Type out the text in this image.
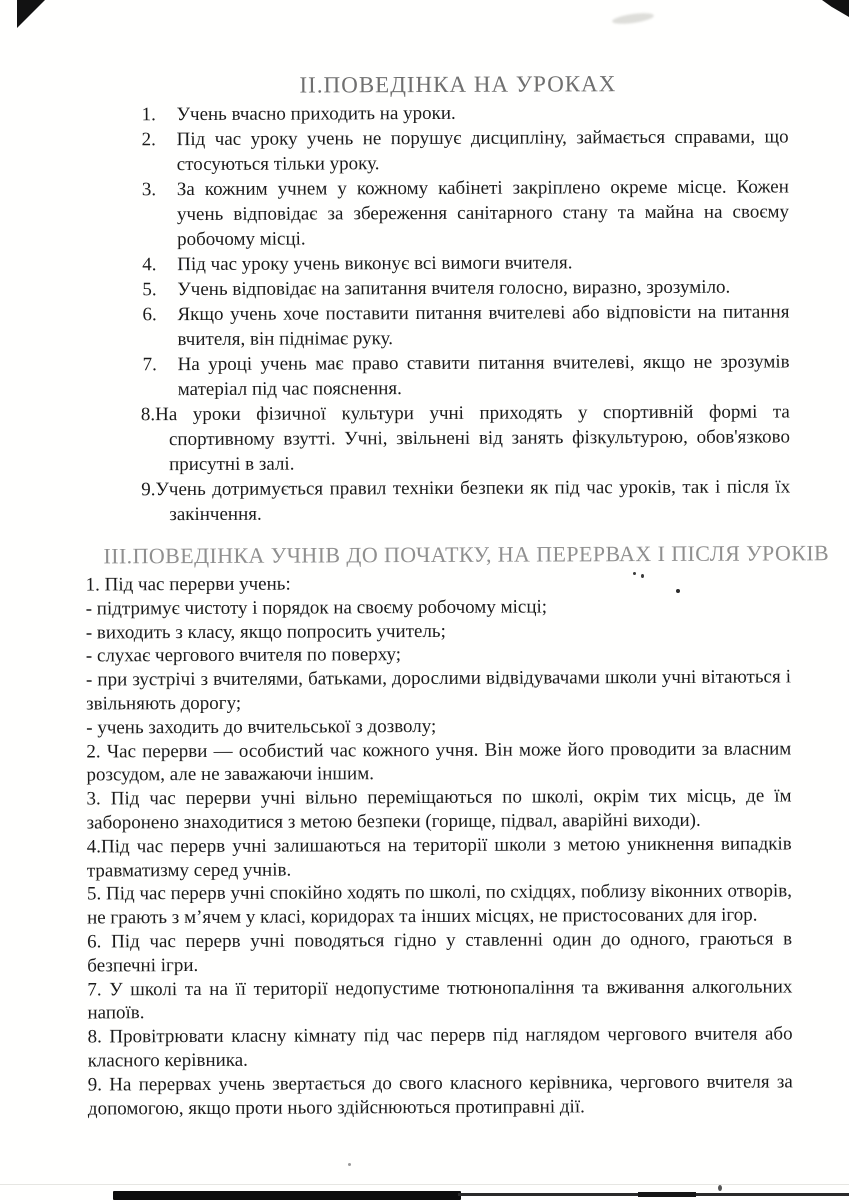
ІІ.ПОВЕДІНКА НА УРОКАХ
1.	Учень вчасно приходить на уроки.
2.	Під час уроку учень не порушує дисципліну, займається справами, що стосуються тільки уроку.
3.	За кожним учнем у кожному кабінеті закріплено окреме місце. Кожен учень відповідає за збереження санітарного стану та майна на своєму робочому місці.
4.	Під час уроку учень виконує всі вимоги вчителя.
5.	Учень відповідає на запитання вчителя голосно, виразно, зрозуміло.
6.	Якщо учень хоче поставити питання вчителеві або відповісти на питання вчителя, він піднімає руку.
7.	На уроці учень має право ставити питання вчителеві, якщо не зрозумів матеріал під час пояснення.
8.На уроки фізичної культури учні приходять у спортивній формі та спортивному взутті. Учні, звільнені від занять фізкультурою, обов'язково присутні в залі.
9.Учень дотримується правил техніки безпеки як під час уроків, так і після їх закінчення.
ІІІ.ПОВЕДІНКА УЧНІВ ДО ПОЧАТКУ, НА ПЕРЕРВАХ І ПІСЛЯ УРОКІВ

1. Під час перерви учень:

- підтримує чистоту і порядок на своєму робочому місці;

- виходить з класу, якщо попросить учитель;

- слухає чергового вчителя по поверху;

- при зустрічі з вчителями, батьками, дорослими відвідувачами школи учні вітаються і звільняють дорогу;

- учень заходить до вчительської з дозволу;

2. Час перерви — особистий час кожного учня. Він може його проводити за власним розсудом, але не заважаючи іншим.

3. Під час перерви учні вільно переміщаються по школі, окрім тих місць, де їм заборонено знаходитися з метою безпеки (горище, підвал, аварійні виходи).

4.Під час перерв учні залишаються на території школи з метою уникнення випадків травматизму серед учнів.

5. Під час перерв учні спокійно ходять по школі, по східцях, поблизу віконних отворів, не грають з м’ячем у класі, коридорах та інших місцях, не пристосованих для ігор.

6. Під час перерв учні поводяться гідно у ставленні один до одного, граються в безпечні ігри.

7. У школі та на її території недопустиме тютюнопаління та вживання алкогольних напоїв.

8. Провітрювати класну кімнату під час перерв під наглядом чергового вчителя або класного керівника.

9. На перервах учень звертається до свого класного керівника, чергового вчителя за допомогою, якщо проти нього здійснюються протиправні дії.
